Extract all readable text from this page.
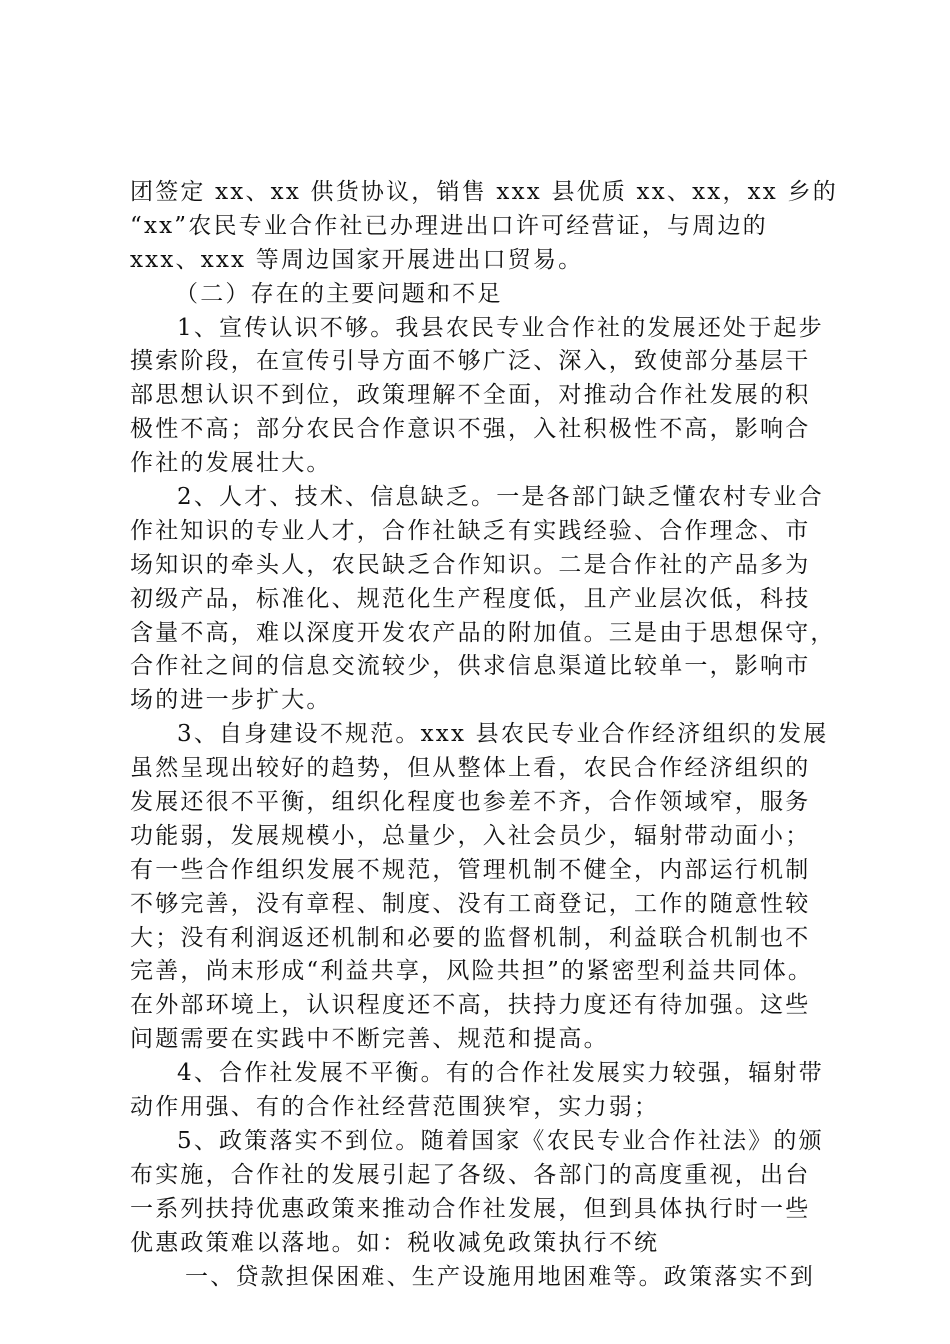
团签定 xx、xx 供货协议，销售 xxx 县优质 xx、xx，xx 乡的
“xx”农民专业合作社已办理进出口许可经营证，与周边的
xxx、xxx 等周边国家开展进出口贸易。
（二）存在的主要问题和不足
1、宣传认识不够。我县农民专业合作社的发展还处于起步
摸索阶段，在宣传引导方面不够广泛、深入，致使部分基层干
部思想认识不到位，政策理解不全面，对推动合作社发展的积
极性不高；部分农民合作意识不强，入社积极性不高，影响合
作社的发展壮大。
2、人才、技术、信息缺乏。一是各部门缺乏懂农村专业合
作社知识的专业人才，合作社缺乏有实践经验、合作理念、市
场知识的牵头人，农民缺乏合作知识。二是合作社的产品多为
初级产品，标准化、规范化生产程度低，且产业层次低，科技
含量不高，难以深度开发农产品的附加值。三是由于思想保守，
合作社之间的信息交流较少，供求信息渠道比较单一，影响市
场的进一步扩大。
3、自身建设不规范。xxx 县农民专业合作经济组织的发展
虽然呈现出较好的趋势，但从整体上看，农民合作经济组织的
发展还很不平衡，组织化程度也参差不齐，合作领域窄，服务
功能弱，发展规模小，总量少，入社会员少，辐射带动面小；
有一些合作组织发展不规范，管理机制不健全，内部运行机制
不够完善，没有章程、制度、没有工商登记，工作的随意性较
大；没有利润返还机制和必要的监督机制，利益联合机制也不
完善，尚末形成“利益共享，风险共担”的紧密型利益共同体。
在外部环境上，认识程度还不高，扶持力度还有待加强。这些
问题需要在实践中不断完善、规范和提高。
4、合作社发展不平衡。有的合作社发展实力较强，辐射带
动作用强、有的合作社经营范围狭窄，实力弱；
5、政策落实不到位。随着国家《农民专业合作社法》的颁
布实施，合作社的发展引起了各级、各部门的高度重视，出台
一系列扶持优惠政策来推动合作社发展，但到具体执行时一些
优惠政策难以落地。如：税收减免政策执行不统
一、贷款担保困难、生产设施用地困难等。政策落实不到
